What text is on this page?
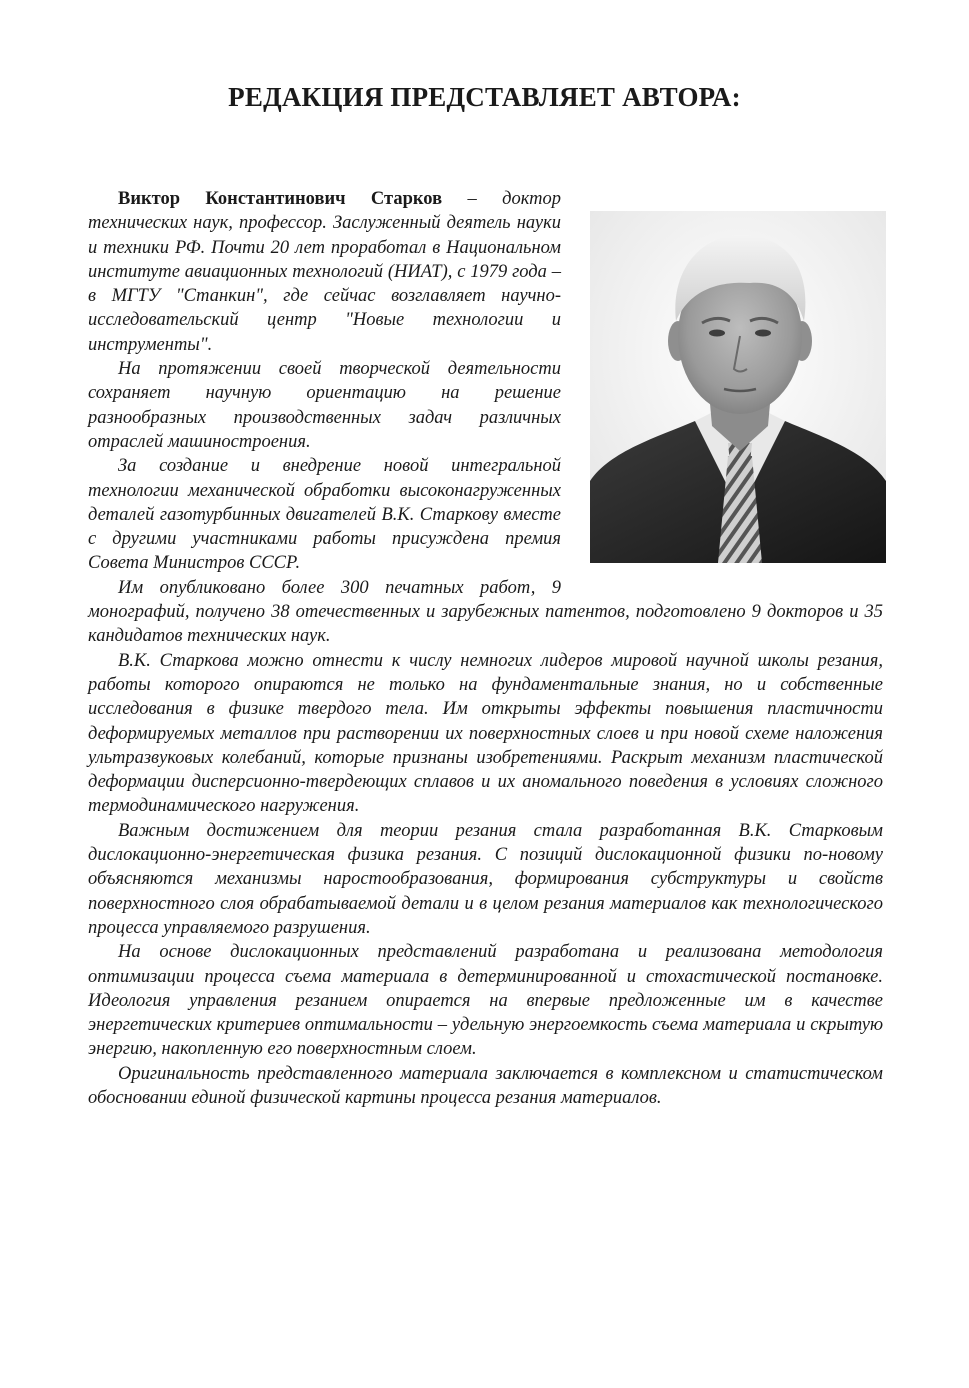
РЕДАКЦИЯ ПРЕДСТАВЛЯЕТ АВТОРА:

Виктор Константинович Старков – доктор технических наук, профессор. Заслуженный деятель науки и техники РФ. Почти 20 лет проработал в Национальном институте авиационных технологий (НИАТ), с 1979 года – в МГТУ "Станкин", где сейчас возглавляет научно-исследовательский центр "Новые технологии и инструменты".

На протяжении своей творческой деятельности сохраняет научную ориентацию на решение разнообразных производственных задач различных отраслей машиностроения.

За создание и внедрение новой интегральной технологии механической обработки высоконагруженных деталей газотурбинных двигателей В.К. Старкову вместе с другими участниками работы присуждена премия Совета Министров СССР.

Им опубликовано более 300 печатных работ, 9 монографий, получено 38 отечественных и зарубежных патентов, подготовлено 9 докторов и 35 кандидатов технических наук.

В.К. Старкова можно отнести к числу немногих лидеров мировой научной школы резания, работы которого опираются не только на фундаментальные знания, но и собственные исследования в физике твердого тела. Им открыты эффекты повышения пластичности деформируемых металлов при растворении их поверхностных слоев и при новой схеме наложения ультразвуковых колебаний, которые признаны изобретениями. Раскрыт механизм пластической деформации дисперсионно-твердеющих сплавов и их аномального поведения в условиях сложного термодинамического нагружения.

Важным достижением для теории резания стала разработанная В.К. Старковым дислокационно-энергетическая физика резания. С позиций дислокационной физики по-новому объясняются механизмы наростообразования, формирования субструктуры и свойств поверхностного слоя обрабатываемой детали и в целом резания материалов как технологического процесса управляемого разрушения.

На основе дислокационных представлений разработана и реализована методология оптимизации процесса съема материала в детерминированной и стохастической постановке. Идеология управления резанием опирается на впервые предложенные им в качестве энергетических критериев оптимальности – удельную энергоемкость съема материала и скрытую энергию, накопленную его поверхностным слоем.

Оригинальность представленного материала заключается в комплексном и статистическом обосновании единой физической картины процесса резания материалов.
